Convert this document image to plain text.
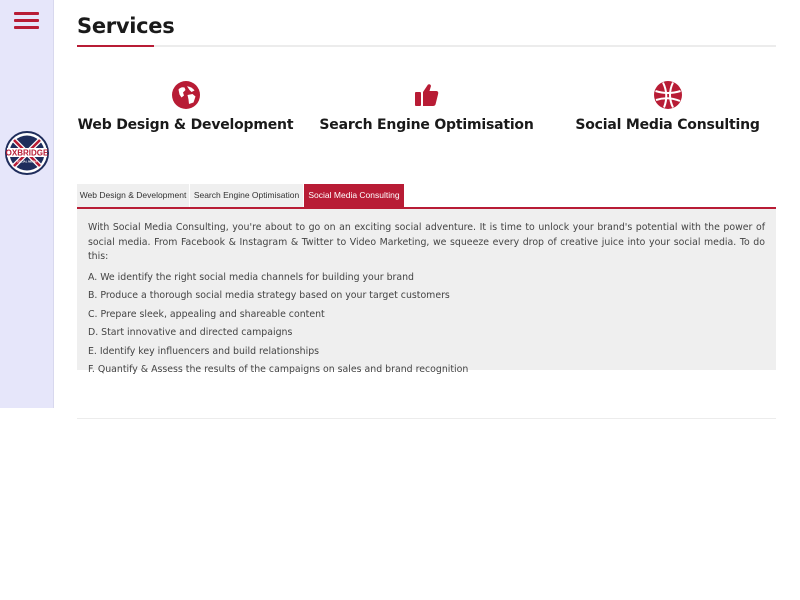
OXBRIDGE
SOCIAL MEDIA
Services
Web Design & Development	Search Engine Optimisation	Social Media Consulting
Web Design & Development Search Engine Optimisation	Social Media Consulting

With Social Media Consulting, you're about to go on an exciting social adventure. It is time to unlock your brand's potential with the power of social media. From Facebook & Instagram & Twitter to Video Marketing, we squeeze every drop of creative juice into your social media. To do this:

A. We identify the right social media channels for building your brand
B. Produce a thorough social media strategy based on your target customers
C. Prepare sleek, appealing and shareable content
D. Start innovative and directed campaigns
E. Identify key influencers and build relationships
F. Quantify & Assess the results of the campaigns on sales and brand recognition
